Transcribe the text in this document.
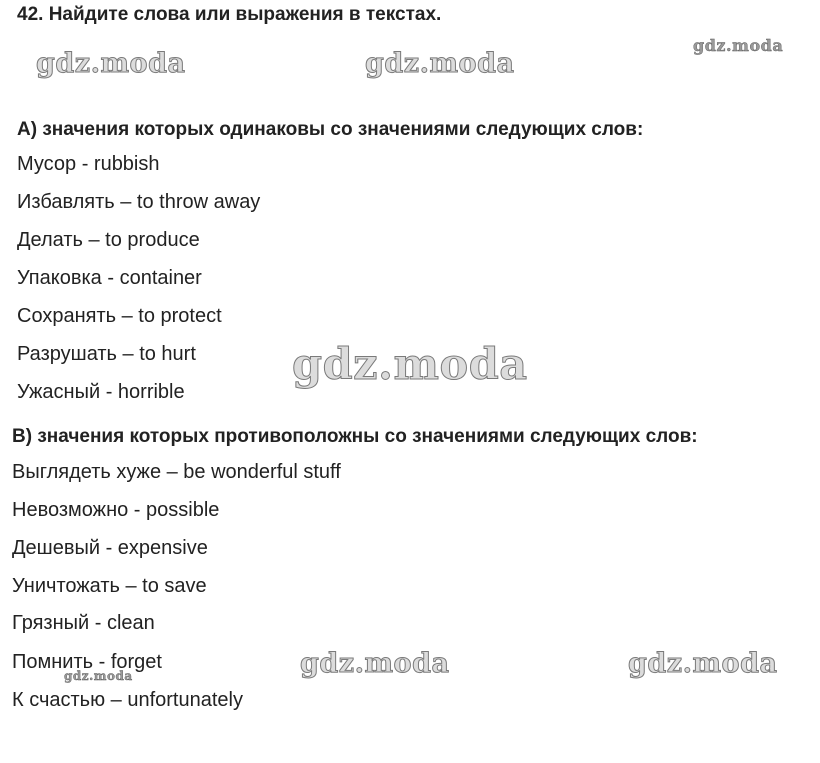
42. Найдите слова или выражения в текстах.
gdz.moda	gdz.moda
gdz.moda
gdz.moda
gdz.moda	gdz.moda
gdz.moda
A) значения которых одинаковы со значениями следующих слов:
Мусор - rubbish
Избавлять – to throw away
Делать – to produce
Упаковка - container
Сохранять – to protect
Разрушать – to hurt
Ужасный - horrible
B) значения которых противоположны со значениями следующих слов:
Выглядеть хуже – be wonderful stuff
Невозможно - possible
Дешевый - expensive
Уничтожать – to save
Грязный - clean
Помнить - forget
К счастью – unfortunately
